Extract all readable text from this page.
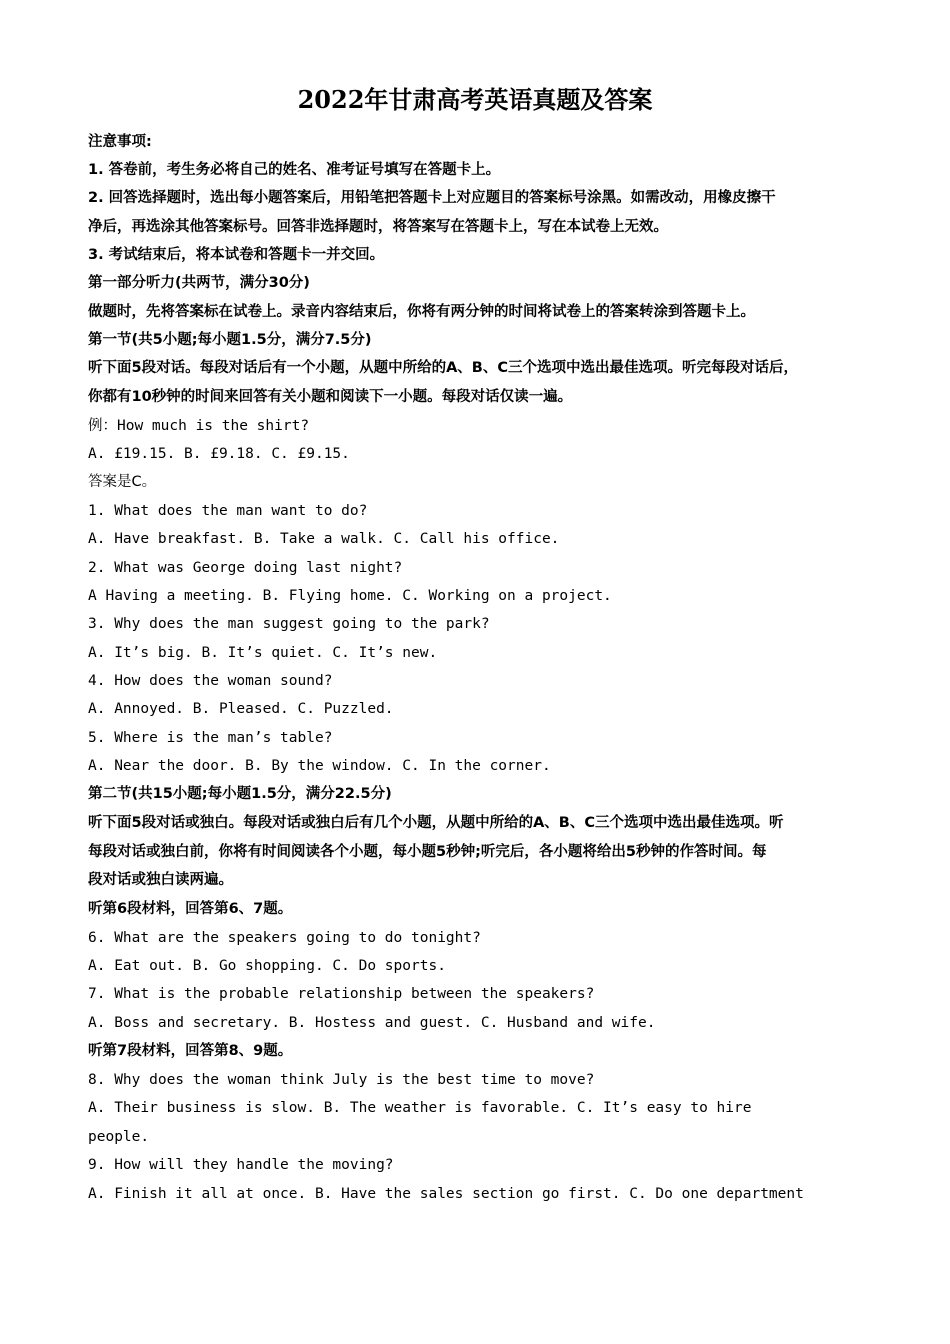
2022年甘肃高考英语真题及答案
注意事项:
1. 答卷前，考生务必将自己的姓名、准考证号填写在答题卡上。
2. 回答选择题时，选出每小题答案后，用铅笔把答题卡上对应题目的答案标号涂黑。如需改动，用橡皮擦干
净后，再选涂其他答案标号。回答非选择题时，将答案写在答题卡上，写在本试卷上无效。
3. 考试结束后，将本试卷和答题卡一并交回。
第一部分听力(共两节，满分30分)
做题时，先将答案标在试卷上。录音内容结束后，你将有两分钟的时间将试卷上的答案转涂到答题卡上。
第一节(共5小题;每小题1.5分，满分7.5分)
听下面5段对话。每段对话后有一个小题，从题中所给的A、B、C三个选项中选出最佳选项。听完每段对话后，
你都有10秒钟的时间来回答有关小题和阅读下一小题。每段对话仅读一遍。
例：How much is the shirt?
A. £19.15. B. £9.18. C. £9.15.
答案是C。
1. What does the man want to do?
A. Have breakfast. B. Take a walk. C. Call his office.
2. What was George doing last night?
A Having a meeting. B. Flying home. C. Working on a project.
3. Why does the man suggest going to the park?
A. It’s big. B. It’s quiet. C. It’s new.
4. How does the woman sound?
A. Annoyed. B. Pleased. C. Puzzled.
5. Where is the man’s table?
A. Near the door. B. By the window. C. In the corner.
第二节(共15小题;每小题1.5分，满分22.5分)
听下面5段对话或独白。每段对话或独白后有几个小题，从题中所给的A、B、C三个选项中选出最佳选项。听
每段对话或独白前，你将有时间阅读各个小题，每小题5秒钟;听完后，各小题将给出5秒钟的作答时间。每
段对话或独白读两遍。
听第6段材料，回答第6、7题。
6. What are the speakers going to do tonight?
A. Eat out. B. Go shopping. C. Do sports.
7. What is the probable relationship between the speakers?
A. Boss and secretary. B. Hostess and guest. C. Husband and wife.
听第7段材料，回答第8、9题。
8. Why does the woman think July is the best time to move?
A. Their business is slow. B. The weather is favorable. C. It’s easy to hire
people.
9. How will they handle the moving?
A. Finish it all at once. B. Have the sales section go first. C. Do one department
